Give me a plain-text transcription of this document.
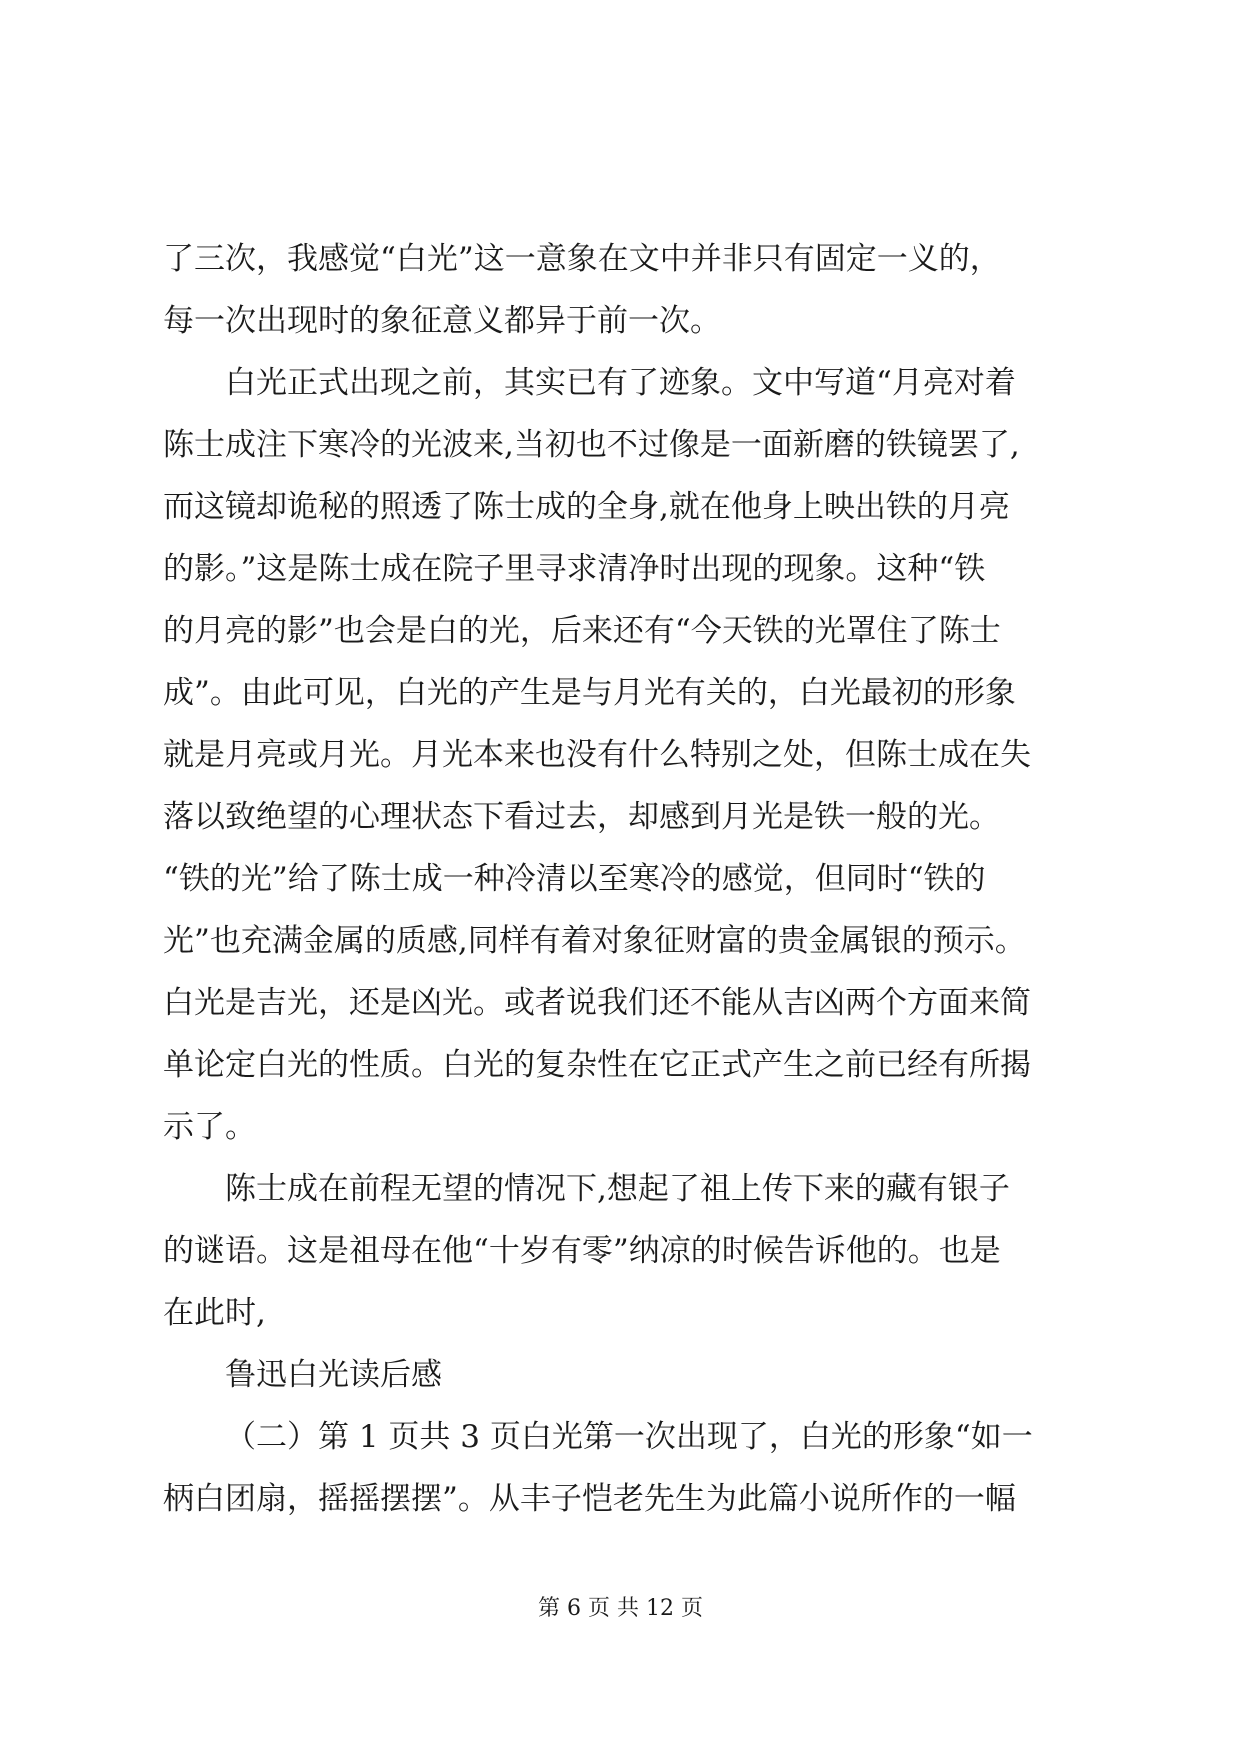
了三次，我感觉“白光”这一意象在文中并非只有固定一义的，
每一次出现时的象征意义都异于前一次。
白光正式出现之前，其实已有了迹象。文中写道“月亮对着
陈士成注下寒冷的光波来,当初也不过像是一面新磨的铁镜罢了,
而这镜却诡秘的照透了陈士成的全身,就在他身上映出铁的月亮
的影。”这是陈士成在院子里寻求清净时出现的现象。这种“铁
的月亮的影”也会是白的光，后来还有“今天铁的光罩住了陈士
成”。由此可见，白光的产生是与月光有关的，白光最初的形象
就是月亮或月光。月光本来也没有什么特别之处，但陈士成在失
落以致绝望的心理状态下看过去，却感到月光是铁一般的光。
“铁的光”给了陈士成一种冷清以至寒冷的感觉，但同时“铁的
光”也充满金属的质感,同样有着对象征财富的贵金属银的预示。
白光是吉光，还是凶光。或者说我们还不能从吉凶两个方面来简
单论定白光的性质。白光的复杂性在它正式产生之前已经有所揭
示了。
陈士成在前程无望的情况下,想起了祖上传下来的藏有银子
的谜语。这是祖母在他“十岁有零”纳凉的时候告诉他的。也是
在此时,
鲁迅白光读后感
（二）第 1 页共 3 页白光第一次出现了，白光的形象“如一
柄白团扇，摇摇摆摆”。从丰子恺老先生为此篇小说所作的一幅
第 6 页 共 12 页
